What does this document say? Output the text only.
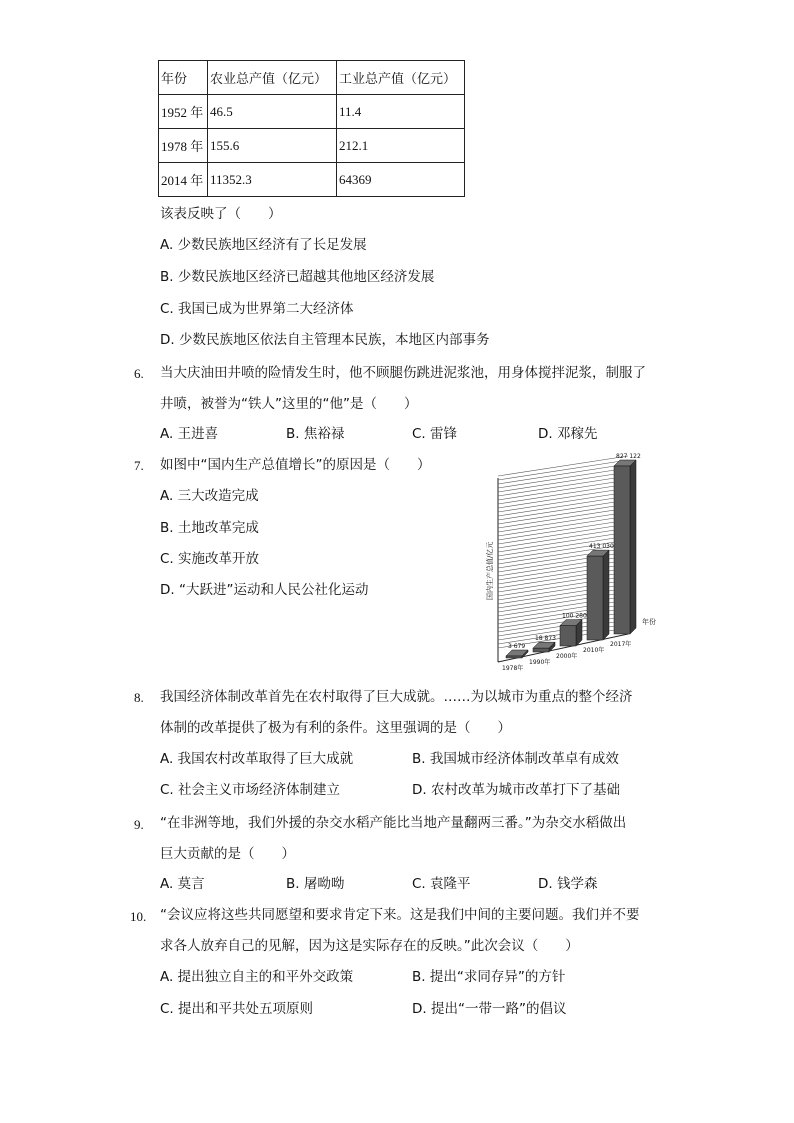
年份	农业总产值（亿元）	工业总产值（亿元）
1952 年	46.5	11.4
1978 年	155.6	212.1
2014 年	11352.3	64369
该表反映了（　　）
A. 少数民族地区经济有了长足发展
B. 少数民族地区经济已超越其他地区经济发展
C. 我国已成为世界第二大经济体
D. 少数民族地区依法自主管理本民族，本地区内部事务
6. 当大庆油田井喷的险情发生时，他不顾腿伤跳进泥浆池，用身体搅拌泥浆，制服了
井喷，被誉为“铁人”这里的“他”是（　　）
A. 王进喜	B. 焦裕禄	C. 雷锋	D. 邓稼先
7. 如图中“国内生产总值增长”的原因是（　　）
A. 三大改造完成
B. 土地改革完成
C. 实施改革开放
D. “大跃进”运动和人民公社化运动	国内生产总值/亿元
年份
3 679
1978年
18 873
1990年
100 280
2000年
413 030
2010年
827 122
2017年
8. 我国经济体制改革首先在农村取得了巨大成就。……为以城市为重点的整个经济
体制的改革提供了极为有利的条件。这里强调的是（　　）
A. 我国农村改革取得了巨大成就	B. 我国城市经济体制改革卓有成效
C. 社会主义市场经济体制建立	D. 农村改革为城市改革打下了基础
9. “在非洲等地，我们外援的杂交水稻产能比当地产量翻两三番。”为杂交水稻做出
巨大贡献的是（　　）
A. 莫言	B. 屠呦呦	C. 袁隆平	D. 钱学森
10. “会议应将这些共同愿望和要求肯定下来。这是我们中间的主要问题。我们并不要
求各人放弃自己的见解，因为这是实际存在的反映。”此次会议（　　）
A. 提出独立自主的和平外交政策	B. 提出“求同存异”的方针
C. 提出和平共处五项原则	D. 提出“一带一路”的倡议
